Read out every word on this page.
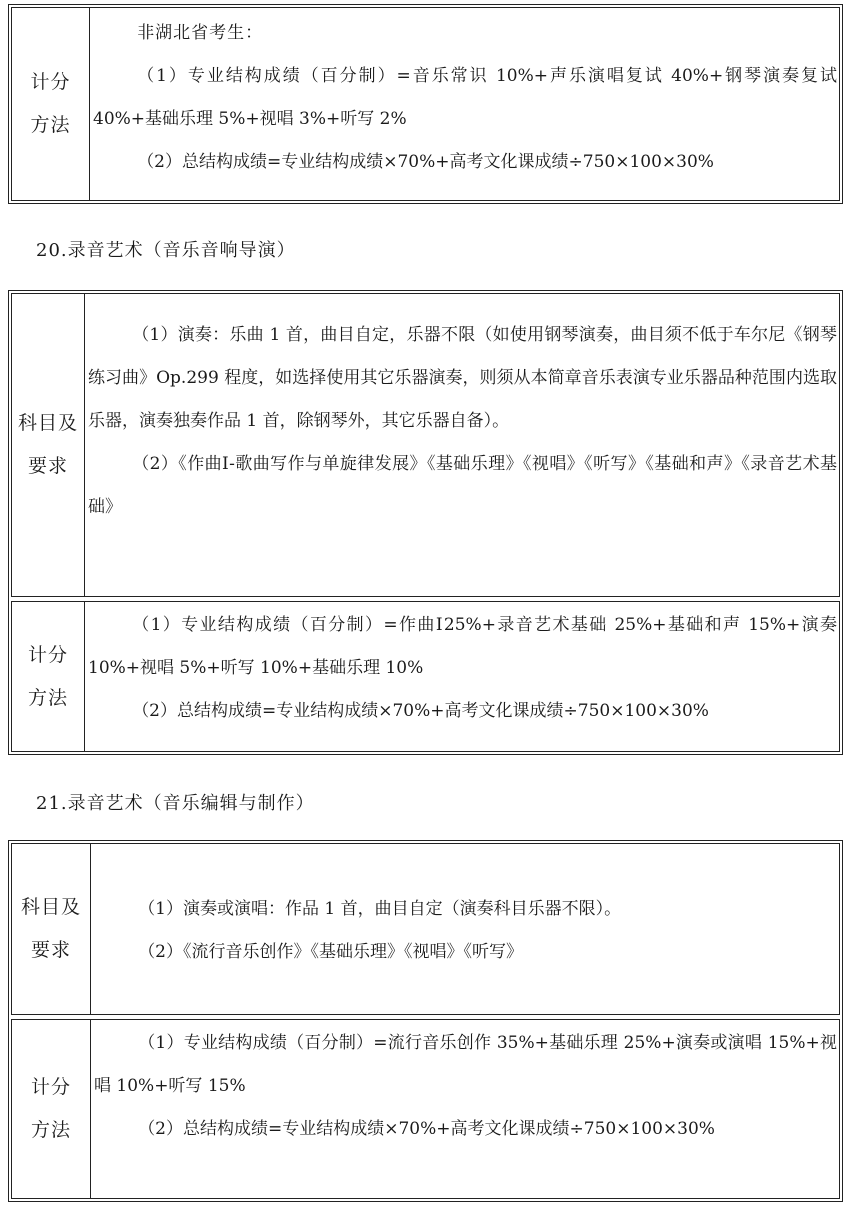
计分
方法

非湖北省考生：

（1）专业结构成绩（百分制）=音乐常识 10%+声乐演唱复试 40%+钢琴演奏复试 40%+基础乐理 5%+视唱 3%+听写 2%

（2）总结构成绩=专业结构成绩×70%+高考文化课成绩÷750×100×30%

20.录音艺术（音乐音响导演）
科目及
要求

（1）演奏：乐曲 1 首，曲目自定，乐器不限（如使用钢琴演奏，曲目须不低于车尔尼《钢琴练习曲》Op.299 程度，如选择使用其它乐器演奏，则须从本简章音乐表演专业乐器品种范围内选取乐器，演奏独奏作品 1 首，除钢琴外，其它乐器自备）。

（2）《作曲Ⅰ-歌曲写作与单旋律发展》《基础乐理》《视唱》《听写》《基础和声》《录音艺术基础》

计分
方法

（1）专业结构成绩（百分制）=作曲Ⅰ25%+录音艺术基础 25%+基础和声 15%+演奏 10%+视唱 5%+听写 10%+基础乐理 10%

（2）总结构成绩=专业结构成绩×70%+高考文化课成绩÷750×100×30%

21.录音艺术（音乐编辑与制作）
科目及
要求

（1）演奏或演唱：作品 1 首，曲目自定（演奏科目乐器不限）。

（2）《流行音乐创作》《基础乐理》《视唱》《听写》

计分
方法

（1）专业结构成绩（百分制）=流行音乐创作 35%+基础乐理 25%+演奏或演唱 15%+视唱 10%+听写 15%

（2）总结构成绩=专业结构成绩×70%+高考文化课成绩÷750×100×30%
